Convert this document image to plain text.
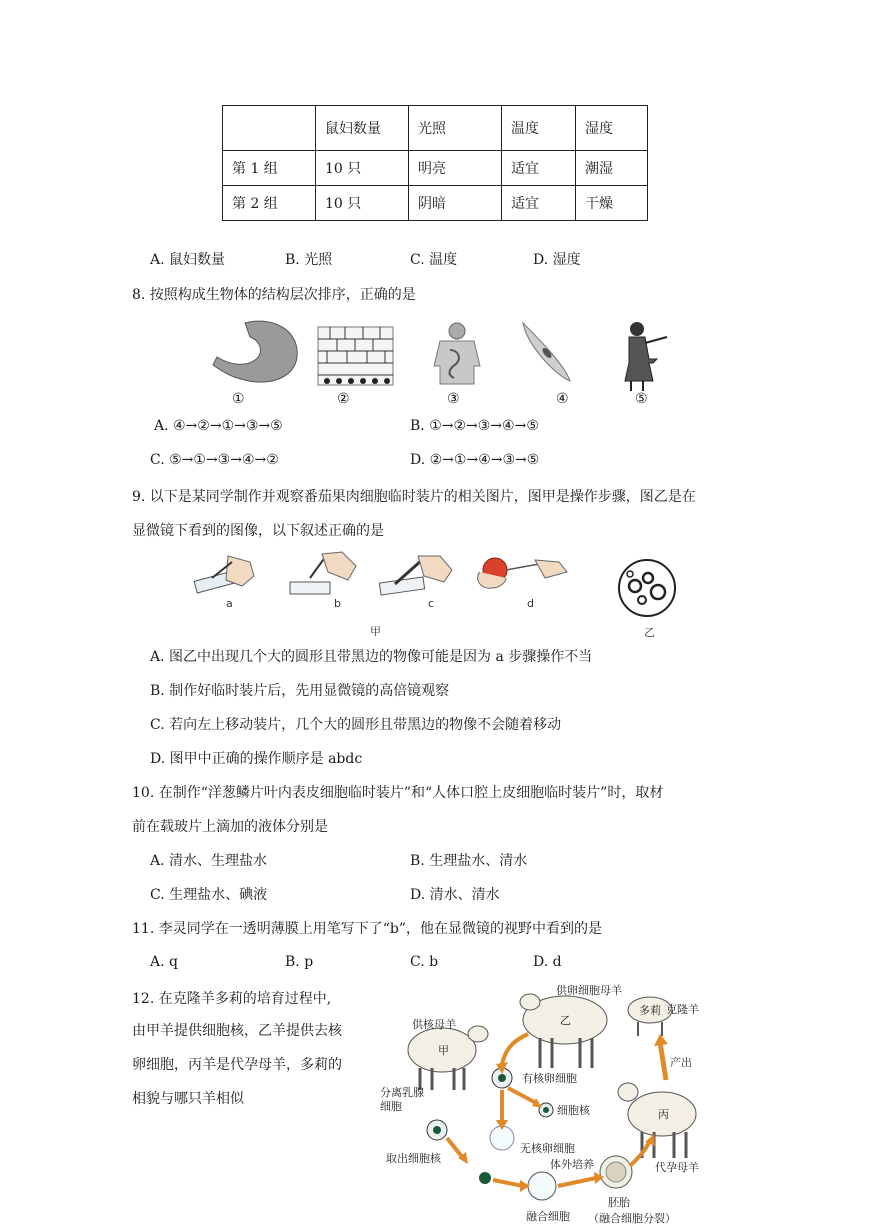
	鼠妇数量	光照	温度	湿度
第 1 组	10 只	明亮	适宜	潮湿
第 2 组	10 只	阴暗	适宜	干燥
A. 鼠妇数量	B. 光照	C. 温度	D. 湿度
8. 按照构成生物体的结构层次排序，正确的是
①	②	③	④	⑤
A. ④→②→①→③→⑤	B. ①→②→③→④→⑤
C. ⑤→①→③→④→②	D. ②→①→④→③→⑤
9. 以下是某同学制作并观察番茄果肉细胞临时装片的相关图片，图甲是操作步骤，图乙是在
显微镜下看到的图像，以下叙述正确的是
a	b	c	d
甲	乙
A. 图乙中出现几个大的圆形且带黑边的物像可能是因为 a 步骤操作不当
B. 制作好临时装片后，先用显微镜的高倍镜观察
C. 若向左上移动装片，几个大的圆形且带黑边的物像不会随着移动
D. 图甲中正确的操作顺序是 abdc
10. 在制作“洋葱鳞片叶内表皮细胞临时装片”和“人体口腔上皮细胞临时装片”时，取材
前在载玻片上滴加的液体分别是
A. 清水、生理盐水	B. 生理盐水、清水
C. 生理盐水、碘液	D. 清水、清水
11. 李灵同学在一透明薄膜上用笔写下了“b”，他在显微镜的视野中看到的是
A. q	B. p	C. b	D. d
12. 在克隆羊多莉的培育过程中,
由甲羊提供细胞核，乙羊提供去核
卵细胞，丙羊是代孕母羊，多莉的
相貌与哪只羊相似
乙
供卵细胞母羊
甲
供核母羊
多莉 克隆羊
丙
代孕母羊
产出
有核卵细胞
细胞核
无核卵细胞
分离乳腺
细胞
取出细胞核
融合细胞
体外培养
胚胎
（融合细胞分裂）
